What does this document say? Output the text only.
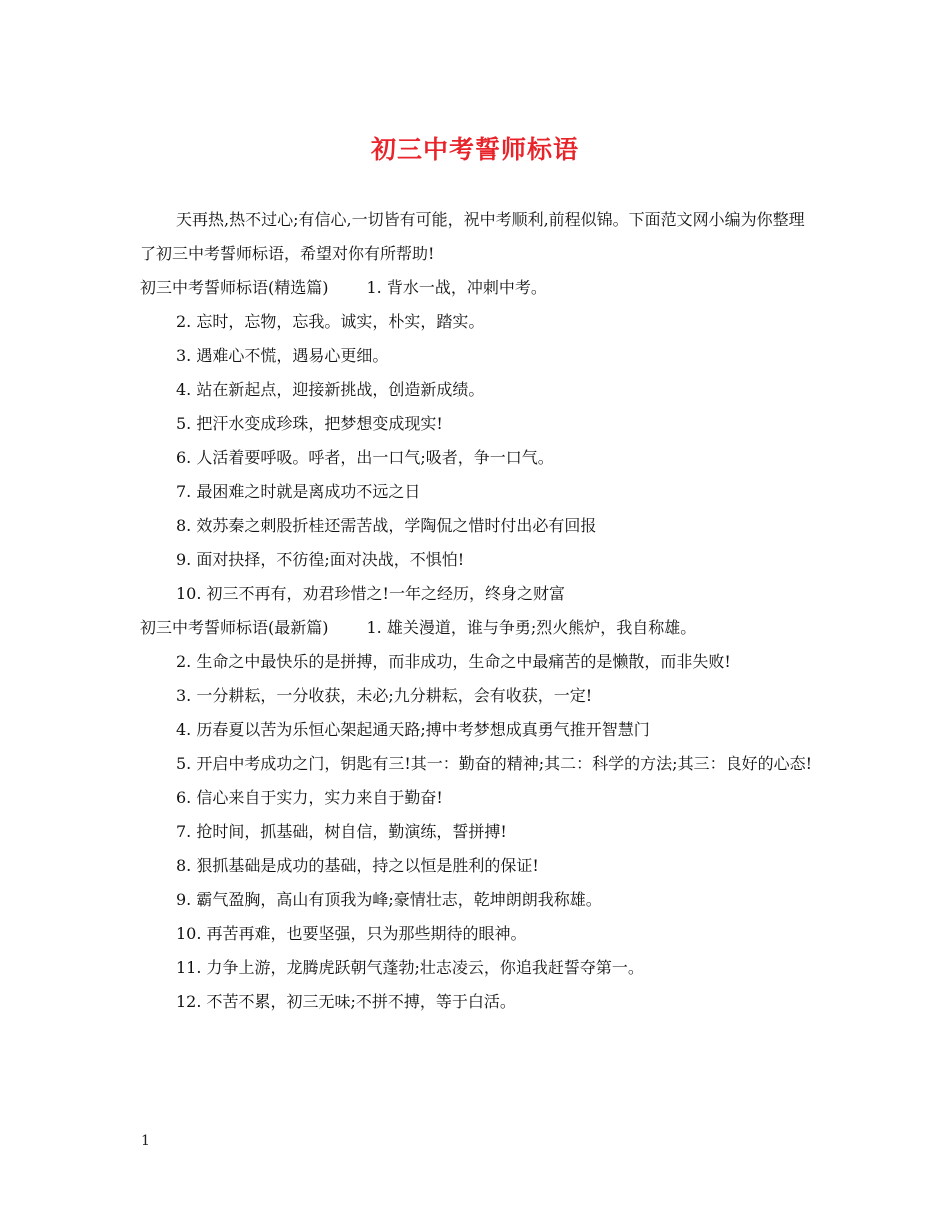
初三中考誓师标语

天再热,热不过心;有信心,一切皆有可能，祝中考顺利,前程似锦。下面范文网小编为你整理了初三中考誓师标语，希望对你有所帮助!

初三中考誓师标语(精选篇) 1. 背水一战，冲刺中考。

2. 忘时，忘物，忘我。诚实，朴实，踏实。

3. 遇难心不慌，遇易心更细。

4. 站在新起点，迎接新挑战，创造新成绩。

5. 把汗水变成珍珠，把梦想变成现实!

6. 人活着要呼吸。呼者，出一口气;吸者，争一口气。

7. 最困难之时就是离成功不远之日

8. 效苏秦之刺股折桂还需苦战，学陶侃之惜时付出必有回报

9. 面对抉择，不彷徨;面对决战，不惧怕!

10. 初三不再有，劝君珍惜之!一年之经历，终身之财富

初三中考誓师标语(最新篇) 1. 雄关漫道，谁与争勇;烈火熊炉，我自称雄。

2. 生命之中最快乐的是拼搏，而非成功，生命之中最痛苦的是懒散，而非失败!

3. 一分耕耘，一分收获，未必;九分耕耘，会有收获，一定!

4. 历春夏以苦为乐恒心架起通天路;搏中考梦想成真勇气推开智慧门

5. 开启中考成功之门，钥匙有三!其一：勤奋的精神;其二：科学的方法;其三：良好的心态!

6. 信心来自于实力，实力来自于勤奋!

7. 抢时间，抓基础，树自信，勤演练，誓拼搏!

8. 狠抓基础是成功的基础，持之以恒是胜利的保证!

9. 霸气盈胸，高山有顶我为峰;豪情壮志，乾坤朗朗我称雄。

10. 再苦再难，也要坚强，只为那些期待的眼神。

11. 力争上游，龙腾虎跃朝气蓬勃;壮志凌云，你追我赶誓夺第一。

12. 不苦不累，初三无味;不拼不搏，等于白活。

1
